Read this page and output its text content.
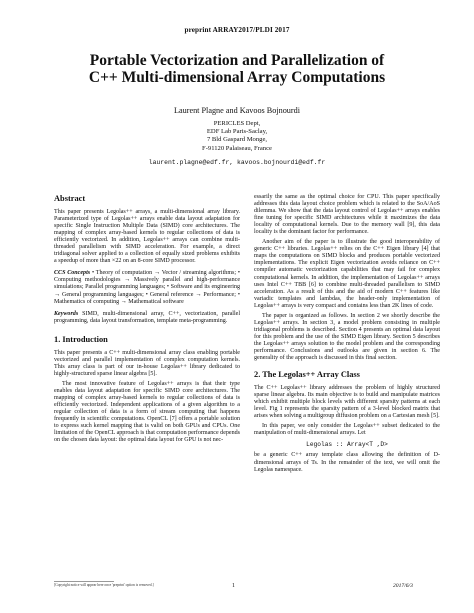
preprint ARRAY2017/PLDI 2017
Portable Vectorization and Parallelization of
C++ Multi-dimensional Array Computations
Laurent Plagne and Kavoos Bojnourdi
PERICLES Dept,
EDF Lab Paris-Saclay,
7 Bld Gaspard Monge,
F-91120 Palaiseau, France
laurent.plagne@edf.fr, kavoos.bojnourdi@edf.fr
Abstract

This paper presents Legolas++ arrays, a multi-dimensional array library. Parameterized type of Legolas++ arrays enable data layout adaptation for specific Single Instruction Multiple Data (SIMD) core architectures. The mapping of complex array-based kernels to regular collections of data is efficiently vectorized. In addition, Legolas++ arrays can combine multi-threaded parallelism with SIMD acceleration. For example, a direct tridiagonal solver applied to a collection of equally sized problems exhibits a speedup of more than ×22 on an 8-core SIMD processor.

CCS Concepts • Theory of computation → Vector / streaming algorithms; • Computing methodologies → Massively parallel and high-performance simulations; Parallel programming languages; • Software and its engineering → General programming languages; • General reference → Performance; • Mathematics of computing → Mathematical software

Keywords SIMD, multi-dimensional array, C++, vectorization, parallel programming, data layout transformation, template meta-programming.

1. Introduction

This paper presents a C++ multi-dimensional array class enabling portable vectorized and parallel implementation of complex computation kernels. This array class is part of our in-house Legolas++ library dedicated to highly-structured sparse linear algebra [5].

The most innovative feature of Legolas++ arrays is that their type enables data layout adaptation for specific SIMD core architectures. The mapping of complex array-based kernels to regular collections of data is efficiently vectorized. Independent applications of a given algorithm to a regular collection of data is a form of stream computing that happens frequently in scientific computations. OpenCL [7] offers a portable solution to express such kernel mapping that is valid on both GPUs and CPUs. One limitation of the OpenCL approach is that computation performance depends on the chosen data layout: the optimal data layout for GPU is not nec-

essarily the same as the optimal choice for CPU. This paper specifically addresses this data layout choice problem which is related to the SoA/AoS dilemma. We show that the data layout control of Legolas++ arrays enables fine tuning for specific SIMD architectures while it maximizes the data locality of computational kernels. Due to the memory wall [9], this data locality is the dominant factor for performance.

Another aim of the paper is to illustrate the good interoperability of generic C++ libraries. Legolas++ relies on the C++ Eigen library [4] that maps the computations on SIMD blocks and produces portable vectorized implementations. The explicit Eigen vectorization avoids reliance on C++ compiler automatic vectorization capabilities that may fail for complex computational kernels. In addition, the implementation of Legolas++ arrays uses Intel C++ TBB [6] to combine multi-threaded parallelism to SIMD acceleration. As a result of this and the aid of modern C++ features like variadic templates and lambdas, the header-only implementation of Legolas++ arrays is very compact and contains less than 2K lines of code.

The paper is organized as follows. In section 2 we shortly describe the Legolas++ arrays. In section 3, a model problem consisting in multiple tridiagonal problems is described. Section 4 presents an optimal data layout for this problem and the use of the SIMD Eigen library. Section 5 describes the Legolas++ arrays solution to the model problem and the corresponding performance. Conclusions and outlooks are given in section 6. The generality of the approach is discussed in this final section.

2. The Legolas++ Array Class

The C++ Legolas++ library addresses the problem of highly structured sparse linear algebra. Its main objective is to build and manipulate matrices which exhibit multiple block levels with different sparsity patterns at each level. Fig 1 represents the sparsity pattern of a 3-level blocked matrix that arises when solving a multigroup diffusion problem on a Cartesian mesh [5].

In this paper, we only consider the Legolas++ subset dedicated to the manipulation of multi-dimensional arrays. Let

Legolas :: Array<T ,D>

be a generic C++ array template class allowing the definition of D-dimensional arrays of Ts. In the remainder of the text, we will omit the Legolas namespace.

[Copyright notice will appear here once 'preprint' option is removed.]	1	2017/6/3
